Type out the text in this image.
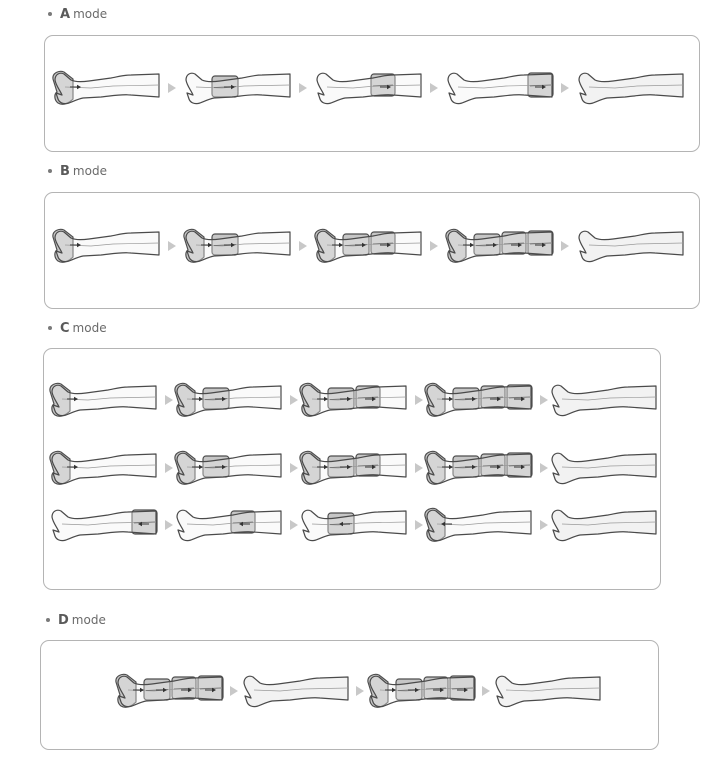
A mode
B mode
C mode
D mode
